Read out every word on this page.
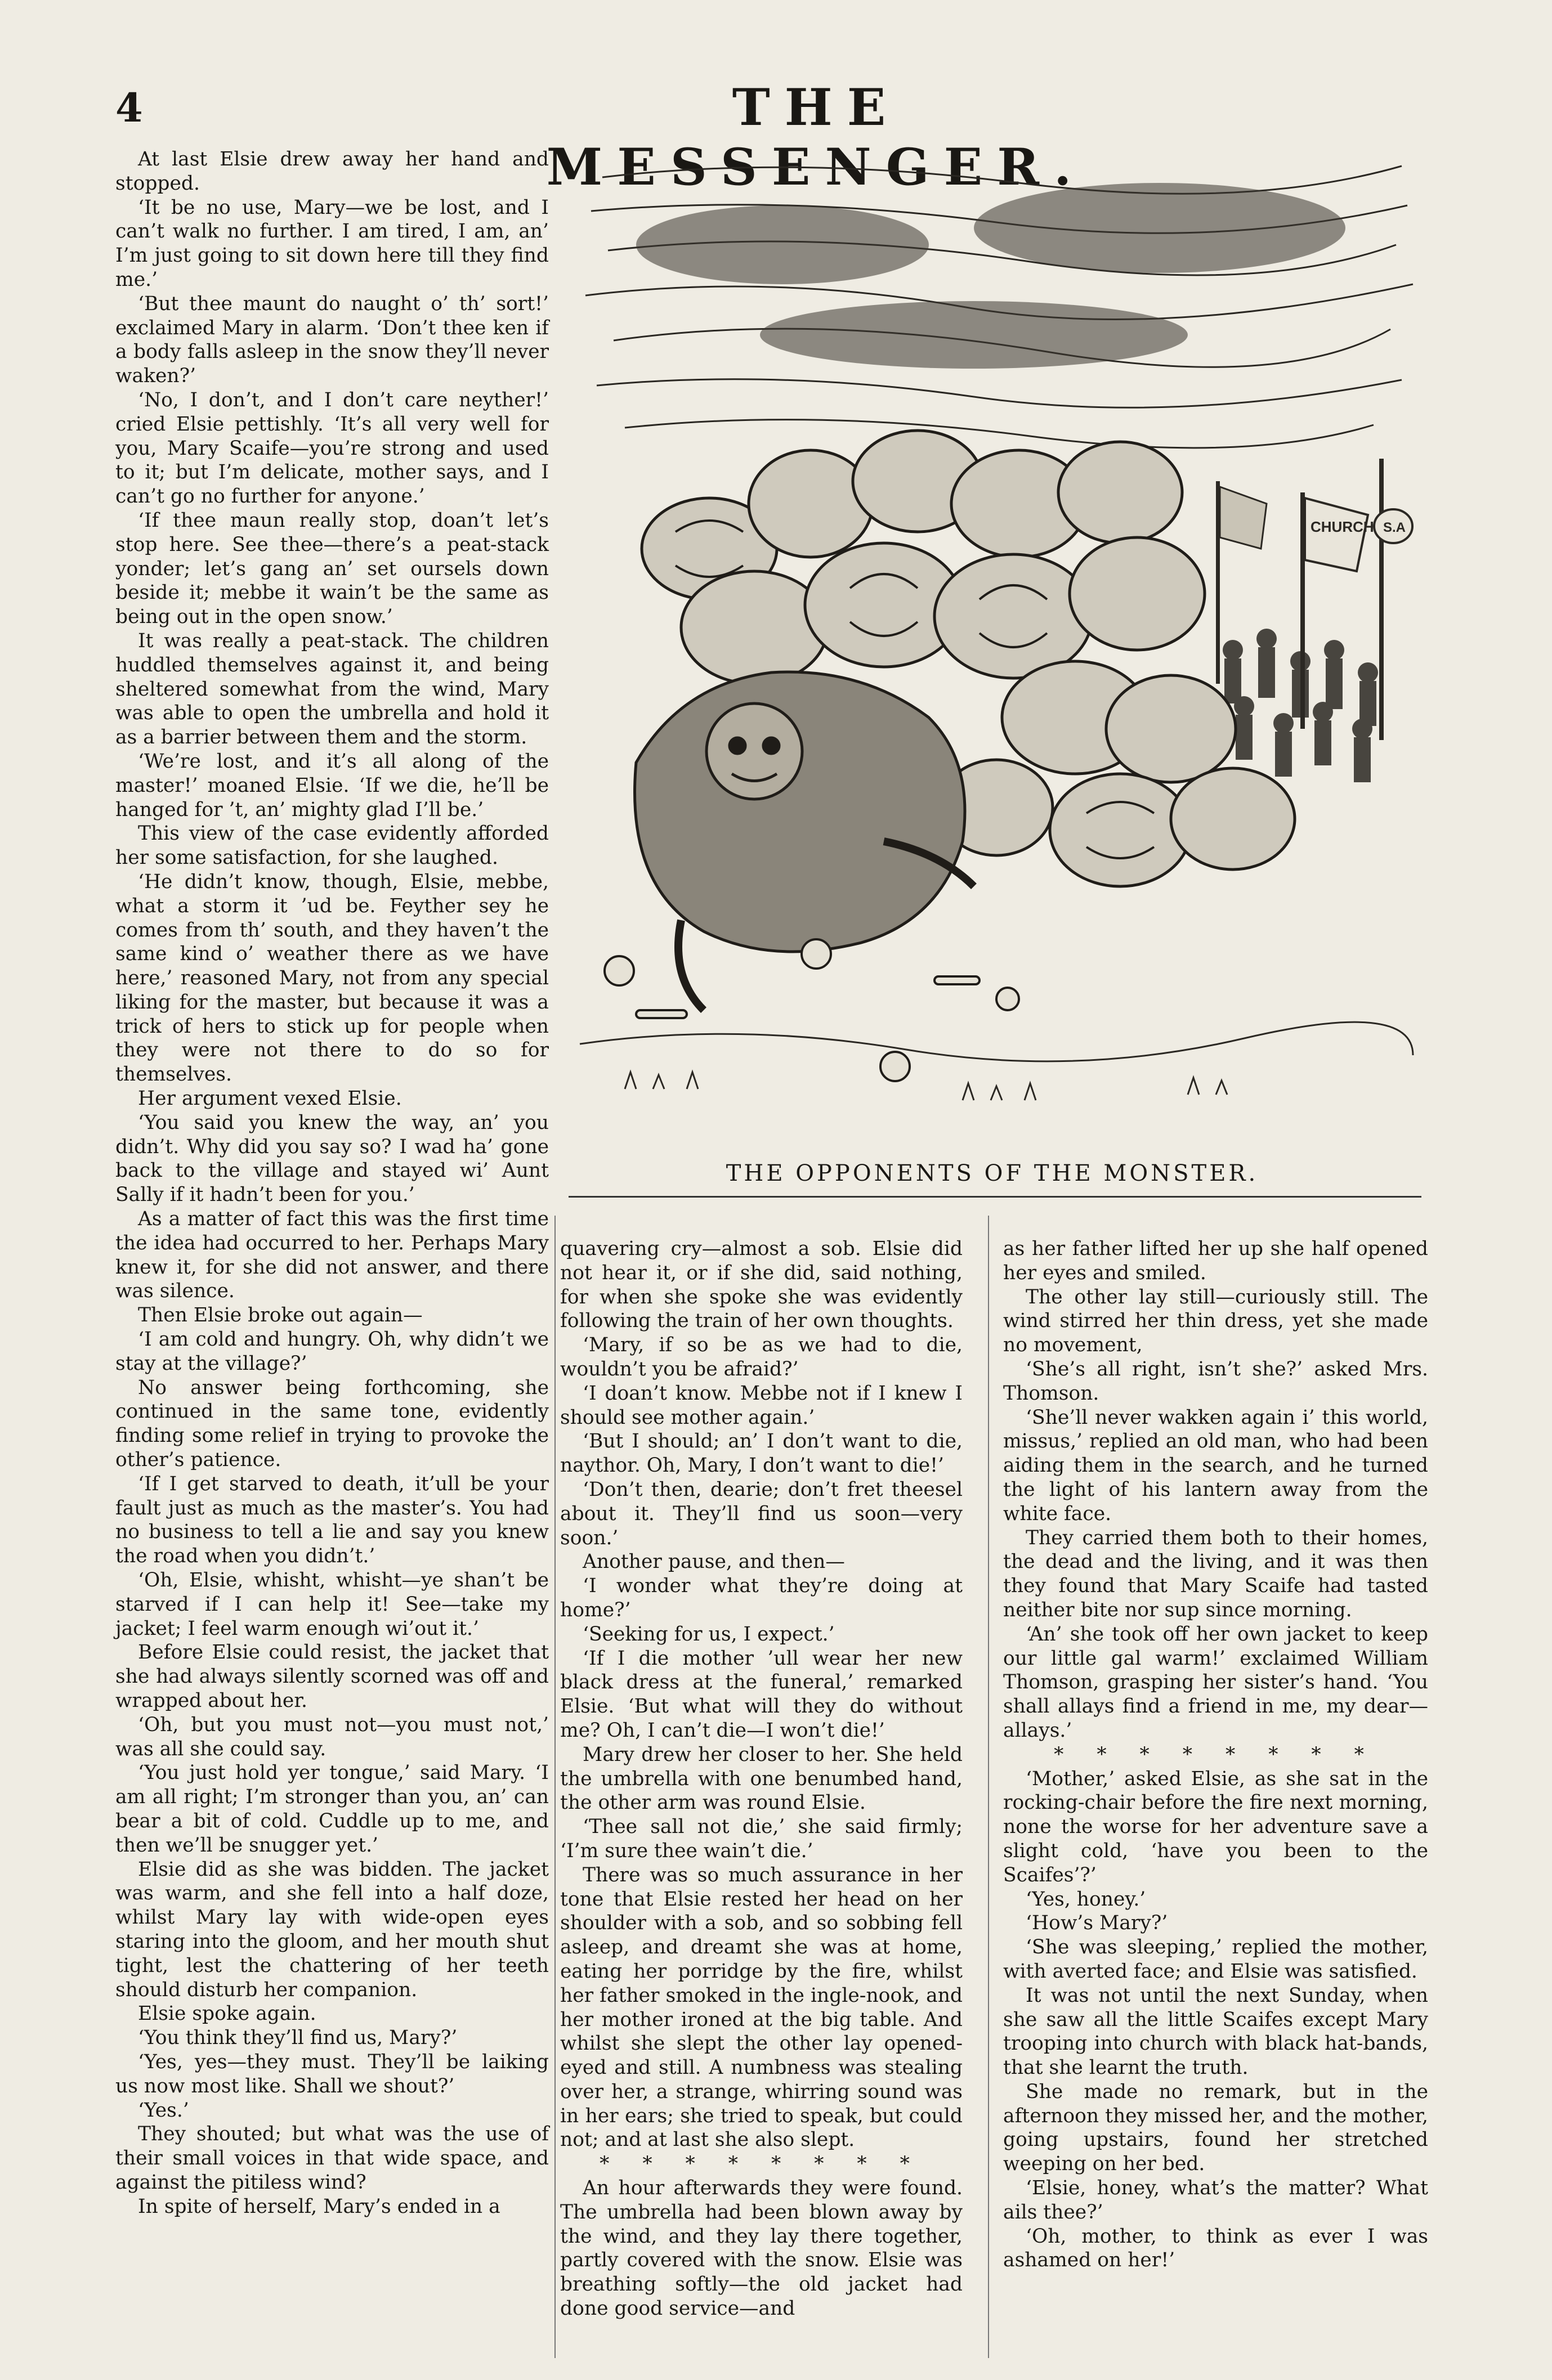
4	THE MESSENGER.

At last Elsie drew away her hand and stopped.

‘It be no use, Mary—we be lost, and I can’t walk no further. I am tired, I am, an’ I’m just going to sit down here till they find me.’

‘But thee maunt do naught o’ th’ sort!’ exclaimed Mary in alarm. ‘Don’t thee ken if a body falls asleep in the snow they’ll never waken?’

‘No, I don’t, and I don’t care neyther!’ cried Elsie pettishly. ‘It’s all very well for you, Mary Scaife—you’re strong and used to it; but I’m delicate, mother says, and I can’t go no further for anyone.’

‘If thee maun really stop, doan’t let’s stop here. See thee—there’s a peat-stack yonder; let’s gang an’ set oursels down beside it; mebbe it wain’t be the same as being out in the open snow.’

It was really a peat-stack. The children huddled themselves against it, and being sheltered somewhat from the wind, Mary was able to open the umbrella and hold it as a barrier between them and the storm.

‘We’re lost, and it’s all along of the master!’ moaned Elsie. ‘If we die, he’ll be hanged for ’t, an’ mighty glad I’ll be.’

This view of the case evidently afforded her some satisfaction, for she laughed.

‘He didn’t know, though, Elsie, mebbe, what a storm it ’ud be. Feyther sey he comes from th’ south, and they haven’t the same kind o’ weather there as we have here,’ reasoned Mary, not from any special liking for the master, but because it was a trick of hers to stick up for people when they were not there to do so for themselves.

Her argument vexed Elsie.

‘You said you knew the way, an’ you didn’t. Why did you say so? I wad ha’ gone back to the village and stayed wi’ Aunt Sally if it hadn’t been for you.’

As a matter of fact this was the first time the idea had occurred to her. Perhaps Mary knew it, for she did not answer, and there was silence.

Then Elsie broke out again—

‘I am cold and hungry. Oh, why didn’t we stay at the village?’

No answer being forthcoming, she continued in the same tone, evidently finding some relief in trying to provoke the other’s patience.

‘If I get starved to death, it’ull be your fault just as much as the master’s. You had no business to tell a lie and say you knew the road when you didn’t.’

‘Oh, Elsie, whisht, whisht—ye shan’t be starved if I can help it! See—take my jacket; I feel warm enough wi’out it.’

Before Elsie could resist, the jacket that she had always silently scorned was off and wrapped about her.

‘Oh, but you must not—you must not,’ was all she could say.

‘You just hold yer tongue,’ said Mary. ‘I am all right; I’m stronger than you, an’ can bear a bit of cold. Cuddle up to me, and then we’ll be snugger yet.’

Elsie did as she was bidden. The jacket was warm, and she fell into a half doze, whilst Mary lay with wide-open eyes staring into the gloom, and her mouth shut tight, lest the chattering of her teeth should disturb her companion.

Elsie spoke again.

‘You think they’ll find us, Mary?’

‘Yes, yes—they must. They’ll be laiking us now most like. Shall we shout?’

‘Yes.’

They shouted; but what was the use of their small voices in that wide space, and against the pitiless wind?

In spite of herself, Mary’s ended in a

CHURCH S.A
THE OPPONENTS OF THE MONSTER.

quavering cry—almost a sob. Elsie did not hear it, or if she did, said nothing, for when she spoke she was evidently following the train of her own thoughts.

‘Mary, if so be as we had to die, wouldn’t you be afraid?’

‘I doan’t know. Mebbe not if I knew I should see mother again.’

‘But I should; an’ I don’t want to die, naythor. Oh, Mary, I don’t want to die!’

‘Don’t then, dearie; don’t fret theesel about it. They’ll find us soon—very soon.’

Another pause, and then—

‘I wonder what they’re doing at home?’

‘Seeking for us, I expect.’

‘If I die mother ’ull wear her new black dress at the funeral,’ remarked Elsie. ‘But what will they do without me? Oh, I can’t die—I won’t die!’

Mary drew her closer to her. She held the umbrella with one benumbed hand, the other arm was round Elsie.

‘Thee sall not die,’ she said firmly; ‘I’m sure thee wain’t die.’

There was so much assurance in her tone that Elsie rested her head on her shoulder with a sob, and so sobbing fell asleep, and dreamt she was at home, eating her porridge by the fire, whilst her father smoked in the ingle-nook, and her mother ironed at the big table. And whilst she slept the other lay opened-eyed and still. A numbness was stealing over her, a strange, whirring sound was in her ears; she tried to speak, but could not; and at last she also slept.

* * * * * * * *

An hour afterwards they were found. The umbrella had been blown away by the wind, and they lay there together, partly covered with the snow. Elsie was breathing softly—the old jacket had done good service—and

as her father lifted her up she half opened her eyes and smiled.

The other lay still—curiously still. The wind stirred her thin dress, yet she made no movement,

‘She’s all right, isn’t she?’ asked Mrs. Thomson.

‘She’ll never wakken again i’ this world, missus,’ replied an old man, who had been aiding them in the search, and he turned the light of his lantern away from the white face.

They carried them both to their homes, the dead and the living, and it was then they found that Mary Scaife had tasted neither bite nor sup since morning.

‘An’ she took off her own jacket to keep our little gal warm!’ exclaimed William Thomson, grasping her sister’s hand. ‘You shall allays find a friend in me, my dear—allays.’

* * * * * * * *

‘Mother,’ asked Elsie, as she sat in the rocking-chair before the fire next morning, none the worse for her adventure save a slight cold, ‘have you been to the Scaifes’?’

‘Yes, honey.’

‘How’s Mary?’

‘She was sleeping,’ replied the mother, with averted face; and Elsie was satisfied.

It was not until the next Sunday, when she saw all the little Scaifes except Mary trooping into church with black hat-bands, that she learnt the truth.

She made no remark, but in the afternoon they missed her, and the mother, going upstairs, found her stretched weeping on her bed.

‘Elsie, honey, what’s the matter? What ails thee?’

‘Oh, mother, to think as ever I was ashamed on her!’
